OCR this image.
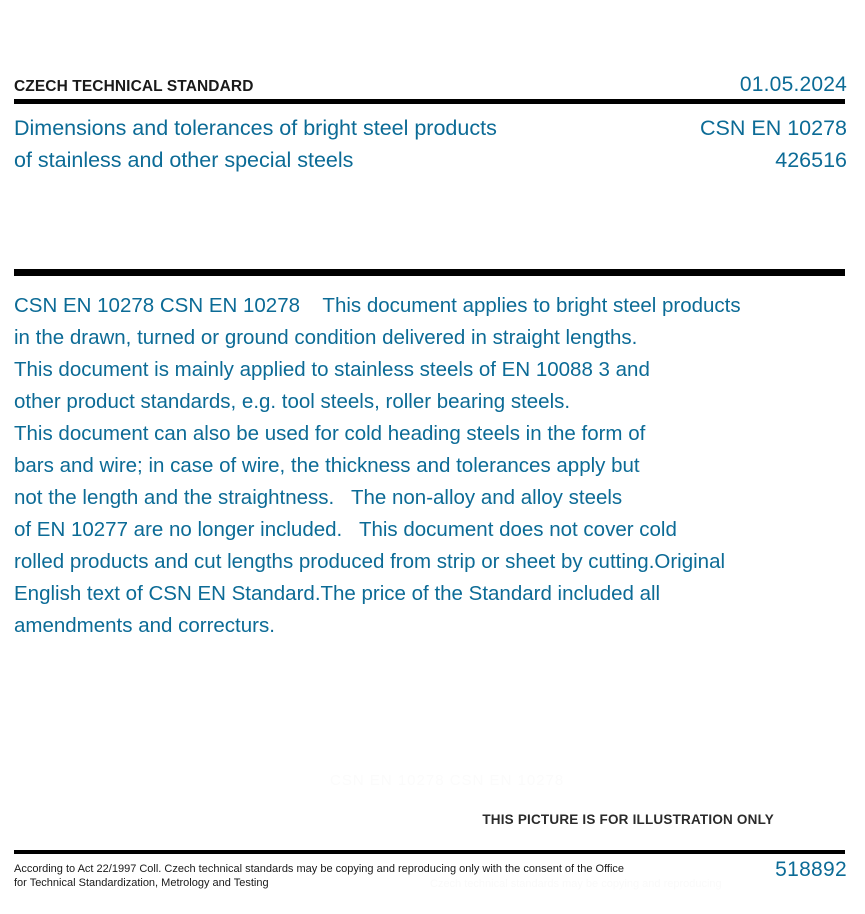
CZECH TECHNICAL STANDARD	01.05.2024
Dimensions and tolerances of bright steel products
of stainless and other special steels
CSN EN 10278
426516
CSN EN 10278 CSN EN 10278    This document applies to bright steel products
in the drawn, turned or ground condition delivered in straight lengths.
This document is mainly applied to stainless steels of EN 10088 3 and
other product standards, e.g. tool steels, roller bearing steels.
This document can also be used for cold heading steels in the form of
bars and wire; in case of wire, the thickness and tolerances apply but
not the length and the straightness.   The non-alloy and alloy steels
of EN 10277 are no longer included.   This document does not cover cold
rolled products and cut lengths produced from strip or sheet by cutting.Original
English text of CSN EN Standard.The price of the Standard included all
amendments and correcturs.
CSN EN 10278 CSN EN 10278
THIS PICTURE IS FOR ILLUSTRATION ONLY
According to Act 22/1997 Coll. Czech technical standards may be copying and reproducing only with the consent of the Office
for Technical Standardization, Metrology and Testing
518892
Czech technical standards may be copying and reproducing
